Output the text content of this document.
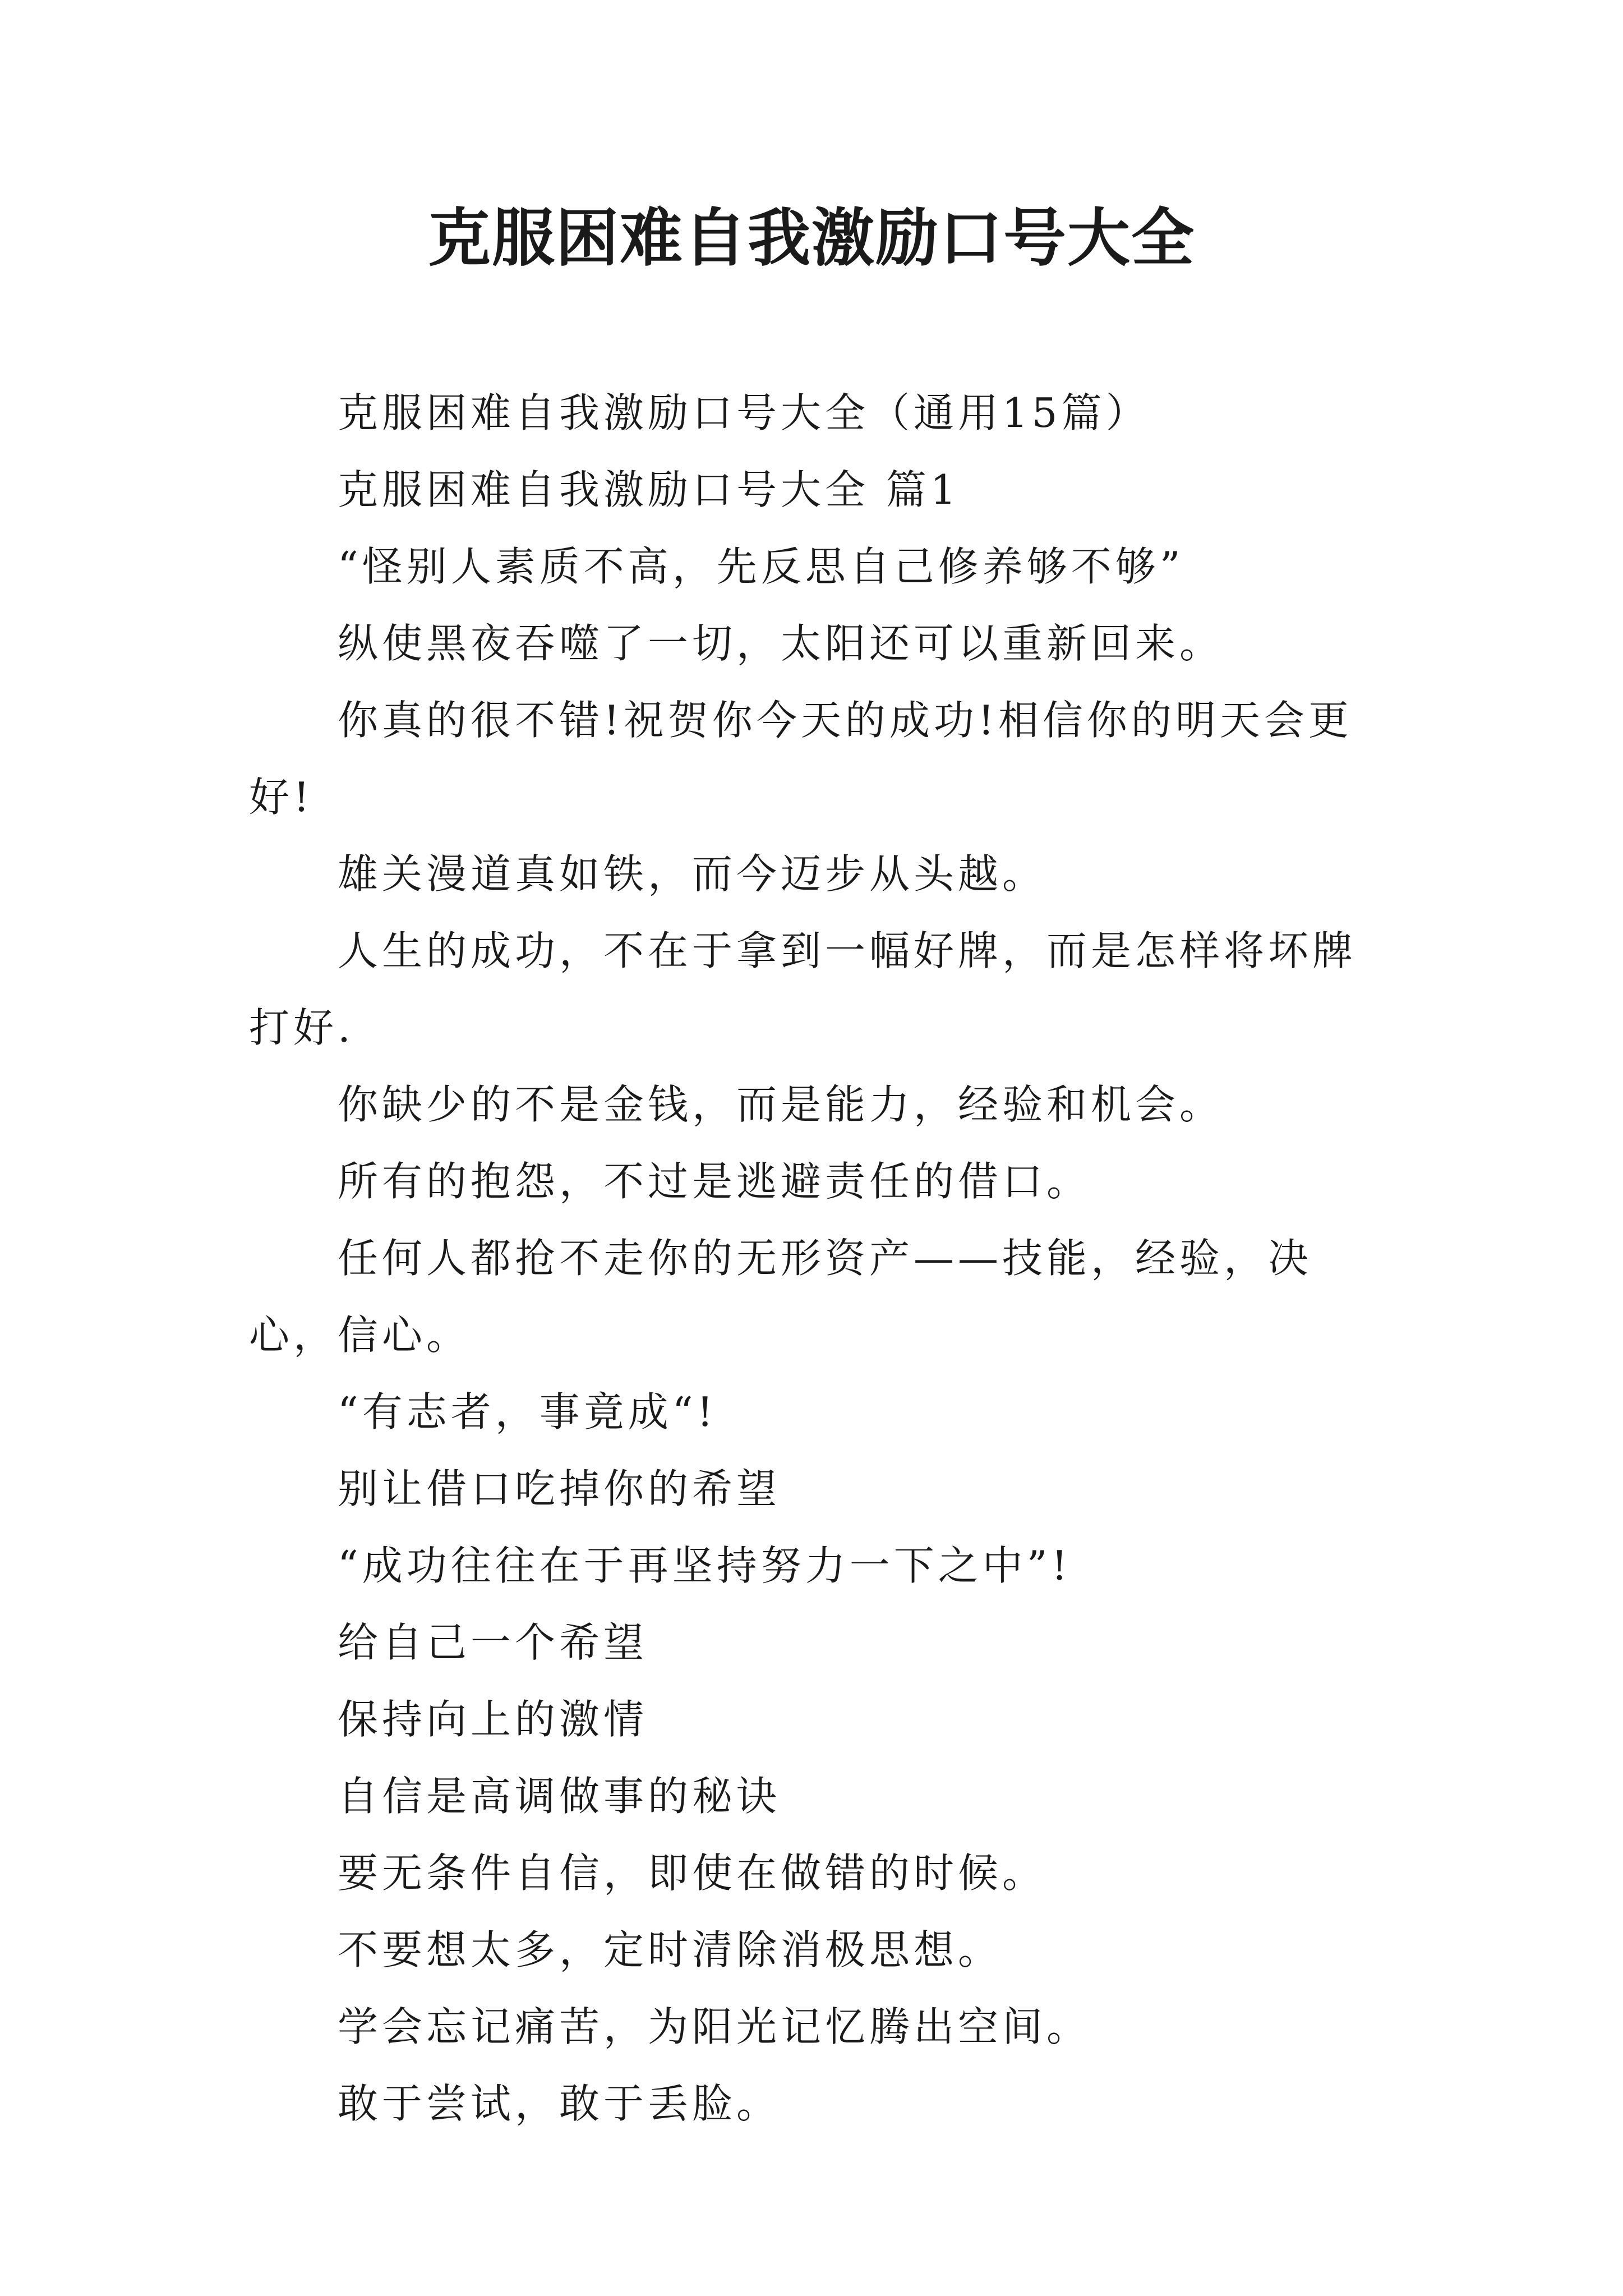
克服困难自我激励口号大全

克服困难自我激励口号大全（通用15篇）

克服困难自我激励口号大全 篇1

“怪别人素质不高，先反思自己修养够不够”

纵使黑夜吞噬了一切，太阳还可以重新回来。

你真的很不错!祝贺你今天的成功!相信你的明天会更好!

雄关漫道真如铁，而今迈步从头越。

人生的成功，不在于拿到一幅好牌，而是怎样将坏牌打好.

你缺少的不是金钱，而是能力，经验和机会。

所有的抱怨，不过是逃避责任的借口。

任何人都抢不走你的无形资产——技能，经验，决心，信心。

“有志者，事竟成“!

别让借口吃掉你的希望

“成功往往在于再坚持努力一下之中”!

给自己一个希望

保持向上的激情

自信是高调做事的秘诀

要无条件自信，即使在做错的时候。

不要想太多，定时清除消极思想。

学会忘记痛苦，为阳光记忆腾出空间。

敢于尝试，敢于丢脸。
